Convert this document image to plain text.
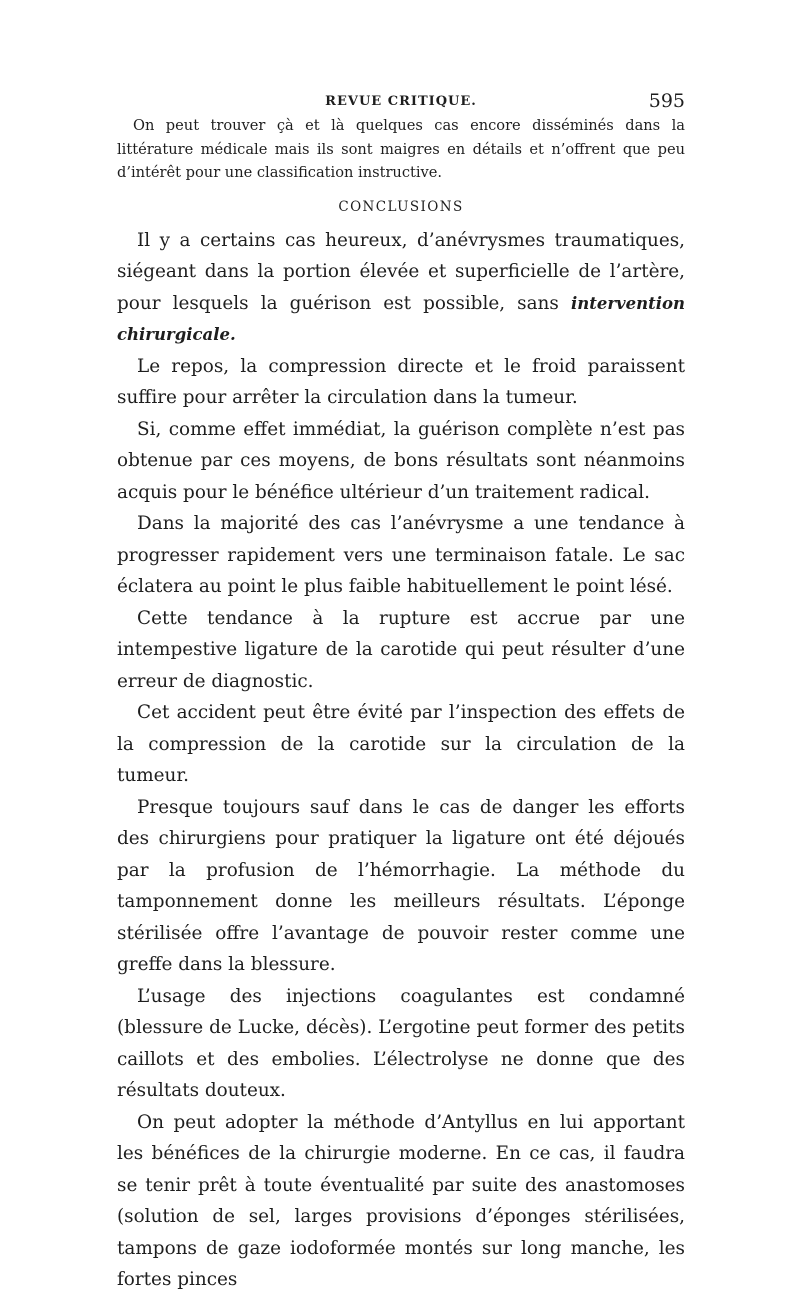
REVUE CRITIQUE.	595

On peut trouver çà et là quelques cas encore disséminés dans la littérature médicale mais ils sont maigres en détails et n’offrent que peu d’intérêt pour une classification instructive.

CONCLUSIONS

Il y a certains cas heureux, d’anévrysmes traumatiques, siégeant dans la portion élevée et superficielle de l’artère, pour lesquels la guérison est possible, sans intervention chirurgicale.

Le repos, la compression directe et le froid paraissent suffire pour arrêter la circulation dans la tumeur.

Si, comme effet immédiat, la guérison complète n’est pas obtenue par ces moyens, de bons résultats sont néanmoins acquis pour le bénéfice ultérieur d’un traitement radical.

Dans la majorité des cas l’anévrysme a une tendance à progresser rapidement vers une terminaison fatale. Le sac éclatera au point le plus faible habituellement le point lésé.

Cette tendance à la rupture est accrue par une intempestive ligature de la carotide qui peut résulter d’une erreur de diagnostic.

Cet accident peut être évité par l’inspection des effets de la compression de la carotide sur la circulation de la tumeur.

Presque toujours sauf dans le cas de danger les efforts des chirurgiens pour pratiquer la ligature ont été déjoués par la profusion de l’hémorrhagie. La méthode du tamponnement donne les meilleurs résultats. L’éponge stérilisée offre l’avantage de pouvoir rester comme une greffe dans la blessure.

L’usage des injections coagulantes est condamné (blessure de Lucke, décès). L’ergotine peut former des petits caillots et des embolies. L’électrolyse ne donne que des résultats douteux.

On peut adopter la méthode d’Antyllus en lui apportant les bénéfices de la chirurgie moderne. En ce cas, il faudra se tenir prêt à toute éventualité par suite des anastomoses (solution de sel, larges provisions d’éponges stérilisées, tampons de gaze iodoformée montés sur long manche, les fortes pinces
